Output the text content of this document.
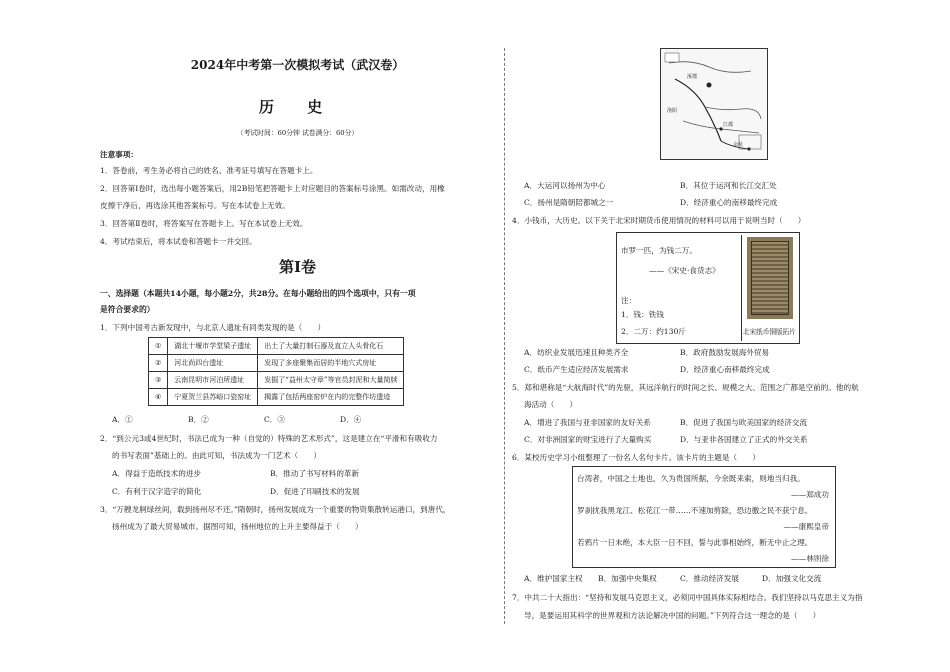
2024年中考第一次模拟考试（武汉卷）
历 史
（考试时间：60分钟 试卷满分：60分）
注意事项：
1．答卷前，考生务必将自己的姓名、准考证号填写在答题卡上。
2．回答第Ⅰ卷时，选出每小题答案后，用2B铅笔把答题卡上对应题目的答案标号涂黑。如需改动，用橡
皮擦干净后，再选涂其他答案标号。写在本试卷上无效。
3．回答第Ⅱ卷时，将答案写在答题卡上。写在本试卷上无效。
4．考试结束后，将本试卷和答题卡一并交回。
第Ⅰ卷
一、选择题（本题共14小题，每小题2分，共28分。在每小题给出的四个选项中，只有一项
是符合要求的）
1．下列中国考古新发现中，与北京人遗址有同类发现的是（　　）
①	湖北十堰市学堂梁子遗址	出土了大量打制石器及直立人头骨化石
②	河北尚四台遗址	发现了多座聚集而居的半地穴式房址
③	云南昆明市河泊所遗址	发掘了“益州太守章”等官员封泥和大量简牍
④	宁夏贺兰县苏峪口瓷窑址	揭露了包括两座窑炉在内的完整作坊遗迹
A．①	B．②	C．③	D．④
2．“到公元3或4世纪时，书法已成为一种（自觉的）特殊的艺术形式”，这是建立在“平滑和有吸收力
的书写表面”基础上的。由此可知，书法成为一门艺术（　　）
A．得益于造纸技术的进步	B．推动了书写材料的革新
C．有利于汉字造字的简化	D．促进了印刷技术的发展
3．“万艘龙舸绿丝间，载到扬州尽不还。”隋朝时，扬州发展成为一个重要的物资集散转运港口，到唐代，
扬州成为了最大贸易城市。据图可知，扬州地位的上升主要得益于（　　）
涿郡
洛阳
江都
余杭
A．大运河以扬州为中心	B．其位于运河和长江交汇处
C．扬州是隋朝陪都城之一	D．经济重心的南移最终完成
4．小钱币，大历史。以下关于北宋时期货币使用情况的材料可以用于说明当时（　　）
市罗一匹，为钱二万。
——《宋史·食货志》
注：
1．钱：铁钱
2．二万：约130斤	北宋纸币铜版拓片
A．纺织业发展迅速且种类齐全	B．政府鼓励发展海外贸易
C．纸币产生适应经济发展需求	D．经济重心南移最终完成
5．郑和堪称是“大航海时代”的先驱，其远洋航行的时间之长、规模之大、范围之广都是空前的。他的航
海活动（　　）
A．增进了我国与亚非国家的友好关系	B．促进了我国与欧美国家的经济交流
C．对非洲国家的财宝进行了大量购买	D．与亚非各国建立了正式的外交关系
6．某校历史学习小组整理了一份名人名句卡片。该卡片的主题是（　　）
台湾者，中国之土地也，久为贵国所据，今余既来索，则地当归我。
——郑成功
罗刹扰我黑龙江、松花江一带……不速加剪除，恐边徼之民不获宁息。
——康熙皇帝
若鸦片一日未绝，本大臣一日不回，誓与此事相始终，断无中止之理。
——林则徐
A．维护国家主权 B．加强中央集权	C．推动经济发展	D．加强文化交流
7．中共二十大指出：“坚持和发展马克思主义，必须同中国具体实际相结合。我们坚持以马克思主义为指
导，是要运用其科学的世界观和方法论解决中国的问题。”下列符合这一理念的是（　　）
